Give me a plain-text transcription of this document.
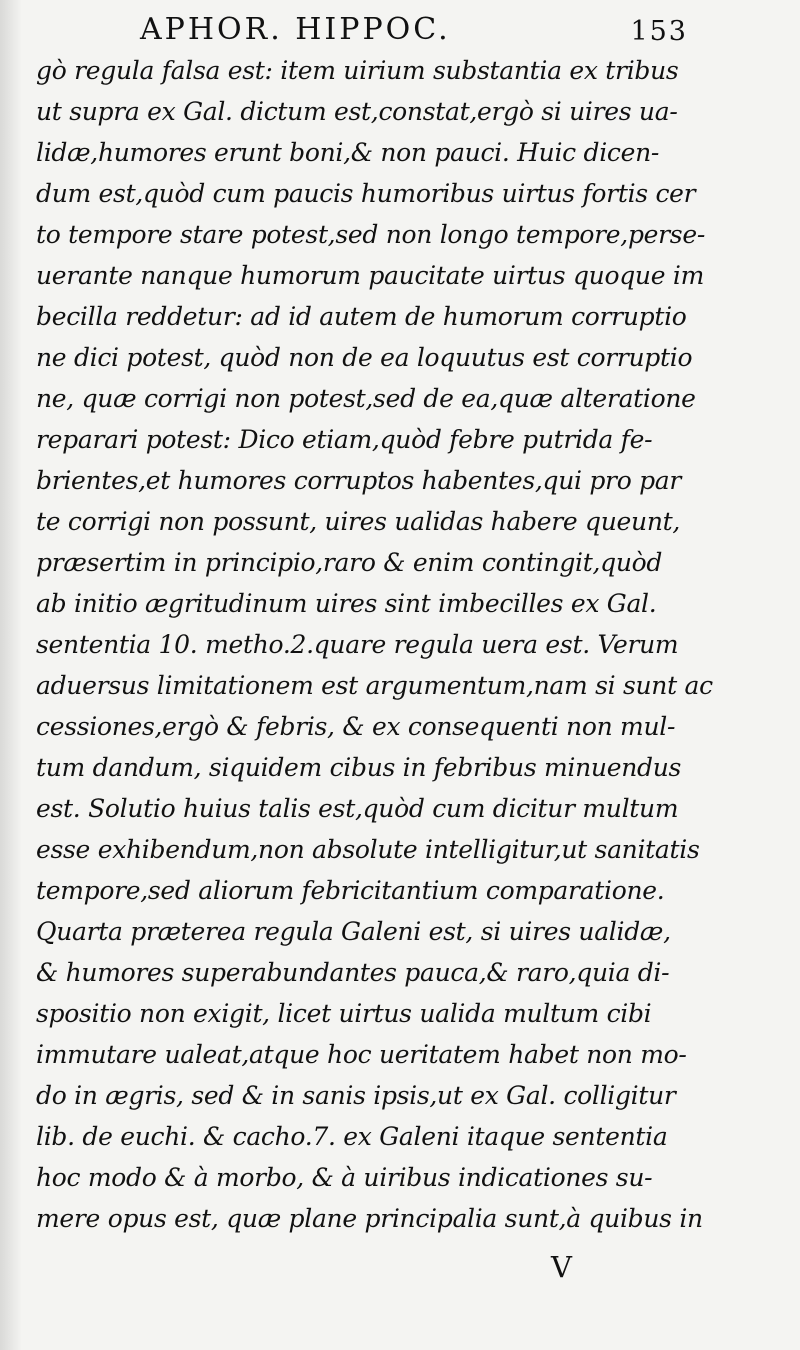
APHOR. HIPPOC.	153
gò regula falsa est: item uirium substantia ex tribus
ut supra ex Gal. dictum est,constat,ergò si uires ua-
lidæ,humores erunt boni,& non pauci. Huic dicen-
dum est,quòd cum paucis humoribus uirtus fortis cer
to tempore stare potest,sed non longo tempore,perse-
uerante nanque humorum paucitate uirtus quoque im
becilla reddetur: ad id autem de humorum corruptio
ne dici potest, quòd non de ea loquutus est corruptio
ne, quæ corrigi non potest,sed de ea,quæ alteratione
reparari potest: Dico etiam,quòd febre putrida fe-
brientes,et humores corruptos habentes,qui pro par
te corrigi non possunt, uires ualidas habere queunt,
præsertim in principio,raro & enim contingit,quòd
ab initio ægritudinum uires sint imbecilles ex Gal.
sententia 10. metho.2.quare regula uera est. Verum
aduersus limitationem est argumentum,nam si sunt ac
cessiones,ergò & febris, & ex consequenti non mul-
tum dandum, siquidem cibus in febribus minuendus
est. Solutio huius talis est,quòd cum dicitur multum
esse exhibendum,non absolute intelligitur,ut sanitatis
tempore,sed aliorum febricitantium comparatione.
Quarta præterea regula Galeni est, si uires ualidæ,
& humores superabundantes pauca,& raro,quia di-
spositio non exigit, licet uirtus ualida multum cibi
immutare ualeat,atque hoc ueritatem habet non mo-
do in ægris, sed & in sanis ipsis,ut ex Gal. colligitur
lib. de euchi. & cacho.7. ex Galeni itaque sententia
hoc modo & à morbo, & à uiribus indicationes su-
mere opus est, quæ plane principalia sunt,à quibus in
V
